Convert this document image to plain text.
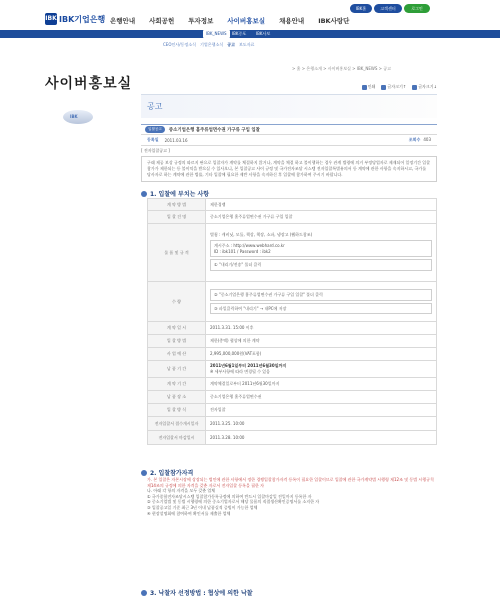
IBK홈	고객센터	로그인
IBK IBK기업은행 은행안내 사회공헌 투자정보 사이버홍보실 채용안내 IBK사랑단
IBK_NEWS	IBK중포 IBK사보
CEO인사/동정소식 기업은행소식 공고 보도자료
사이버홍보실
> 홈 > 은행소개 > 사이버홍보실 > IBK_NEWS > 공고
IBK
인쇄	글자크기↑	글자크기↓
공고
입찰공고	중소기업은행 홈주류업면수권 가구류 구입 입찰
등록일 2011.03.16	조회수 403
[ 전자입찰공고 ]
구래 제공 보상 규정의 따르지 판으로 입찰자가 계약를 체결하지 않거나, 계약을 체결 하고 불이행하는 경우 관계 법령에 의거 부정당업자로 제재되어 일정기간 입찰참가가 제한되는 등 불이익을 받으실 수 있사오니, 본 입찰공고 사이 규정 및 국가전자조달 시스템 전자입찰특별유의서 등 계약에 관한 사항을 숙지하시고, 국가를 당사자로 하는 계약에 관한 법률, 기타 입찰에 필요한 제반 사항을 숙지하신 후 입찰에 참가하여 주시기 바랍니다.
1. 입찰에 부치는 사항
계 약 방 법	제한경쟁
입 찰 건 명	중소기업은행 홈주류업면수권 가구류 구입 입찰
물 품 및 규 격	별첨 : 캐비닛, 모듈, 책상, 책장, 소파, 냉장고 (웹하드참조)
계시주소 : http://www.webhard.co.kr
ID : ibk101 / Password : ibk2
① "내리기/전송" 폴더 클릭

수 량	② "중소기업은행 홈주류업면수권 가구류 구입 입찰" 폴더 클릭
③ 파일클릭하여 "내리기" → 내PC에 저장

계 약 일 시	2011.3.31. 15:00 이후
입 찰 방 법	제한(총액) 협상에 의한 계약
사 업 예 산	2,995,000,000원(VAT포함)
납 품 기 간	2011년6월1일부터 2011년6월30일까지
※ 세부사항에 따라 변경될 수 있음

계 약 기 간	계약체결일로부터 2011년6월30일까지
납 품 장 소	중소기업은행 홈주류업면수권
입 찰 방 식	전자입찰
전자입찰서 접수개시일자	2011.3.25. 10:00
전자입찰서 마감일시	2011.3.28. 10:00
2. 입찰참가자격
가. 본 입찰은 자본시장에 상장되는 법인에 관한 사항에서 정한 경쟁입찰참가자격 등록이 필요한 입찰이므로 입찰에 관한 국가계약법 시행령 제12조 및 동법 시행규칙 제14조의 규정에 의한 자격을 갖춘 자로서 전자입찰 등록을 필한 자
나. 아래 각 항의 자격을 모두 갖춘 업체
① 국가종합전자조달시스템 입찰참가등록규정에 의하여 반드시 입찰마감일 전일까지 등록한 자
② 중소기업법 및 동법 시행령에 의한 중소기업자로서 해당 물품의 직접생산확인증명서를 소지한 자
③ 입찰공고일 기준 최근 3년 이내 납품실적 증빙이 가능한 업체
④ 현장설명회에 참여하여 확인서를 제출한 업체
3. 낙찰자 선정방법 : 협상에 의한 낙찰
